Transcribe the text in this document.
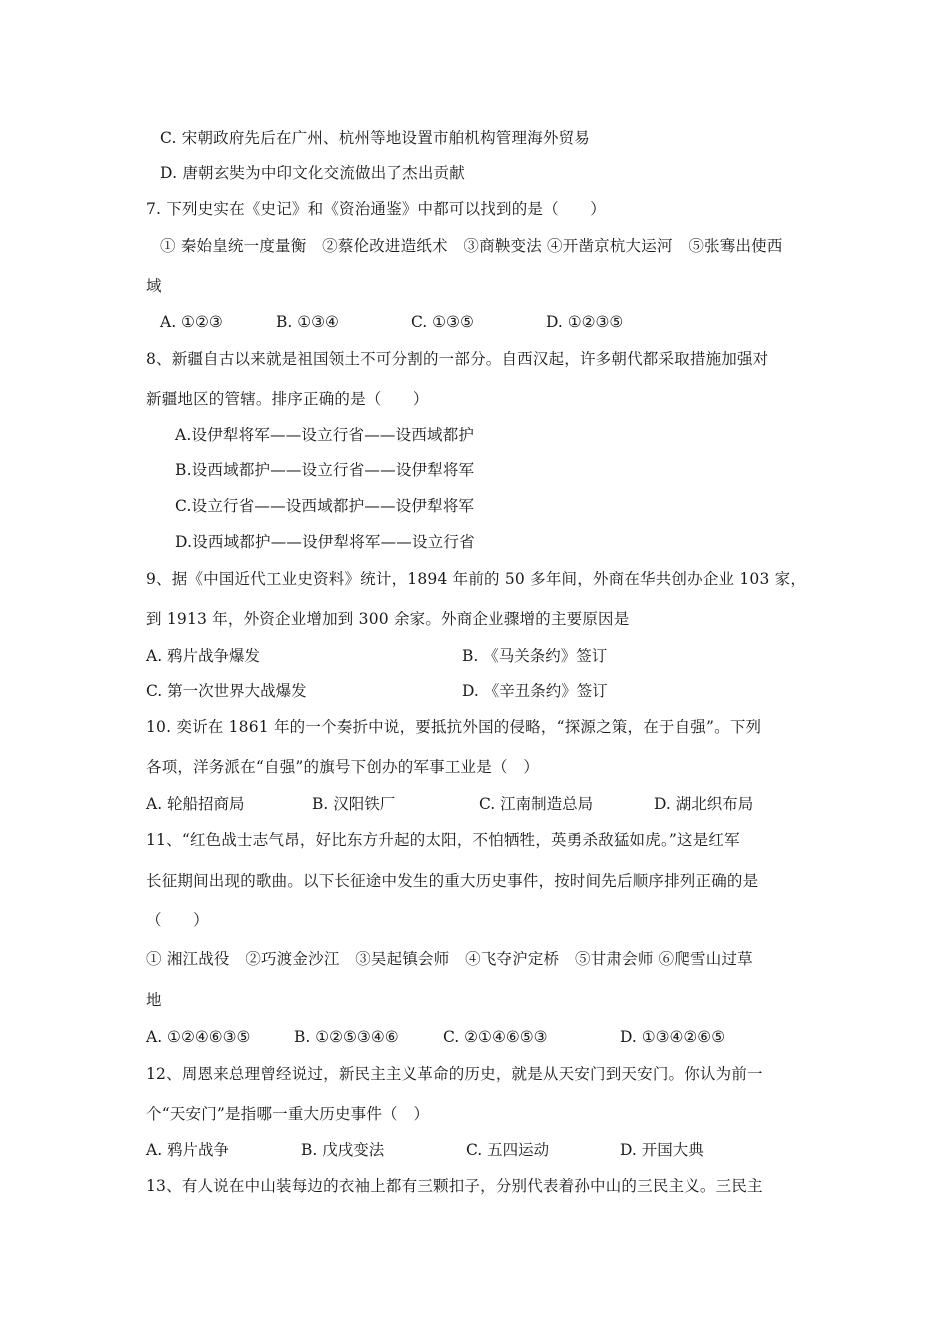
C. 宋朝政府先后在广州、杭州等地设置市舶机构管理海外贸易
D. 唐朝玄奘为中印文化交流做出了杰出贡献
7. 下列史实在《史记》和《资治通鉴》中都可以找到的是（　　）
① 秦始皇统一度量衡　②蔡伦改进造纸术　③商鞅变法 ④开凿京杭大运河　⑤张骞出使西
域
A. ①②③	B. ①③④	C. ①③⑤	D. ①②③⑤
8、新疆自古以来就是祖国领土不可分割的一部分。自西汉起，许多朝代都采取措施加强对
新疆地区的管辖。排序正确的是（　　）
A.设伊犁将军——设立行省——设西域都护
B.设西域都护——设立行省——设伊犁将军
C.设立行省——设西域都护——设伊犁将军
D.设西域都护——设伊犁将军——设立行省
9、据《中国近代工业史资料》统计，1894 年前的 50 多年间，外商在华共创办企业 103 家，
到 1913 年，外资企业增加到 300 余家。外商企业骤增的主要原因是
A. 鸦片战争爆发	B. 《马关条约》签订
C. 第一次世界大战爆发	D. 《辛丑条约》签订
10. 奕䜣在 1861 年的一个奏折中说，要抵抗外国的侵略，“探源之策，在于自强”。下列
各项，洋务派在“自强”的旗号下创办的军事工业是（　）
A. 轮船招商局	B. 汉阳铁厂	C. 江南制造总局	D. 湖北织布局
11、“红色战士志气昂，好比东方升起的太阳，不怕牺牲，英勇杀敌猛如虎。”这是红军
长征期间出现的歌曲。以下长征途中发生的重大历史事件，按时间先后顺序排列正确的是
（　　）
① 湘江战役　②巧渡金沙江　③吴起镇会师　④飞夺沪定桥　⑤甘肃会师 ⑥爬雪山过草
地
A. ①②④⑥③⑤	B. ①②⑤③④⑥	C. ②①④⑥⑤③	D. ①③④②⑥⑤
12、周恩来总理曾经说过，新民主主义革命的历史，就是从天安门到天安门。你认为前一
个“天安门”是指哪一重大历史事件（　）
A. 鸦片战争	B. 戊戌变法	C. 五四运动	D. 开国大典
13、有人说在中山装每边的衣袖上都有三颗扣子，分别代表着孙中山的三民主义。三民主
